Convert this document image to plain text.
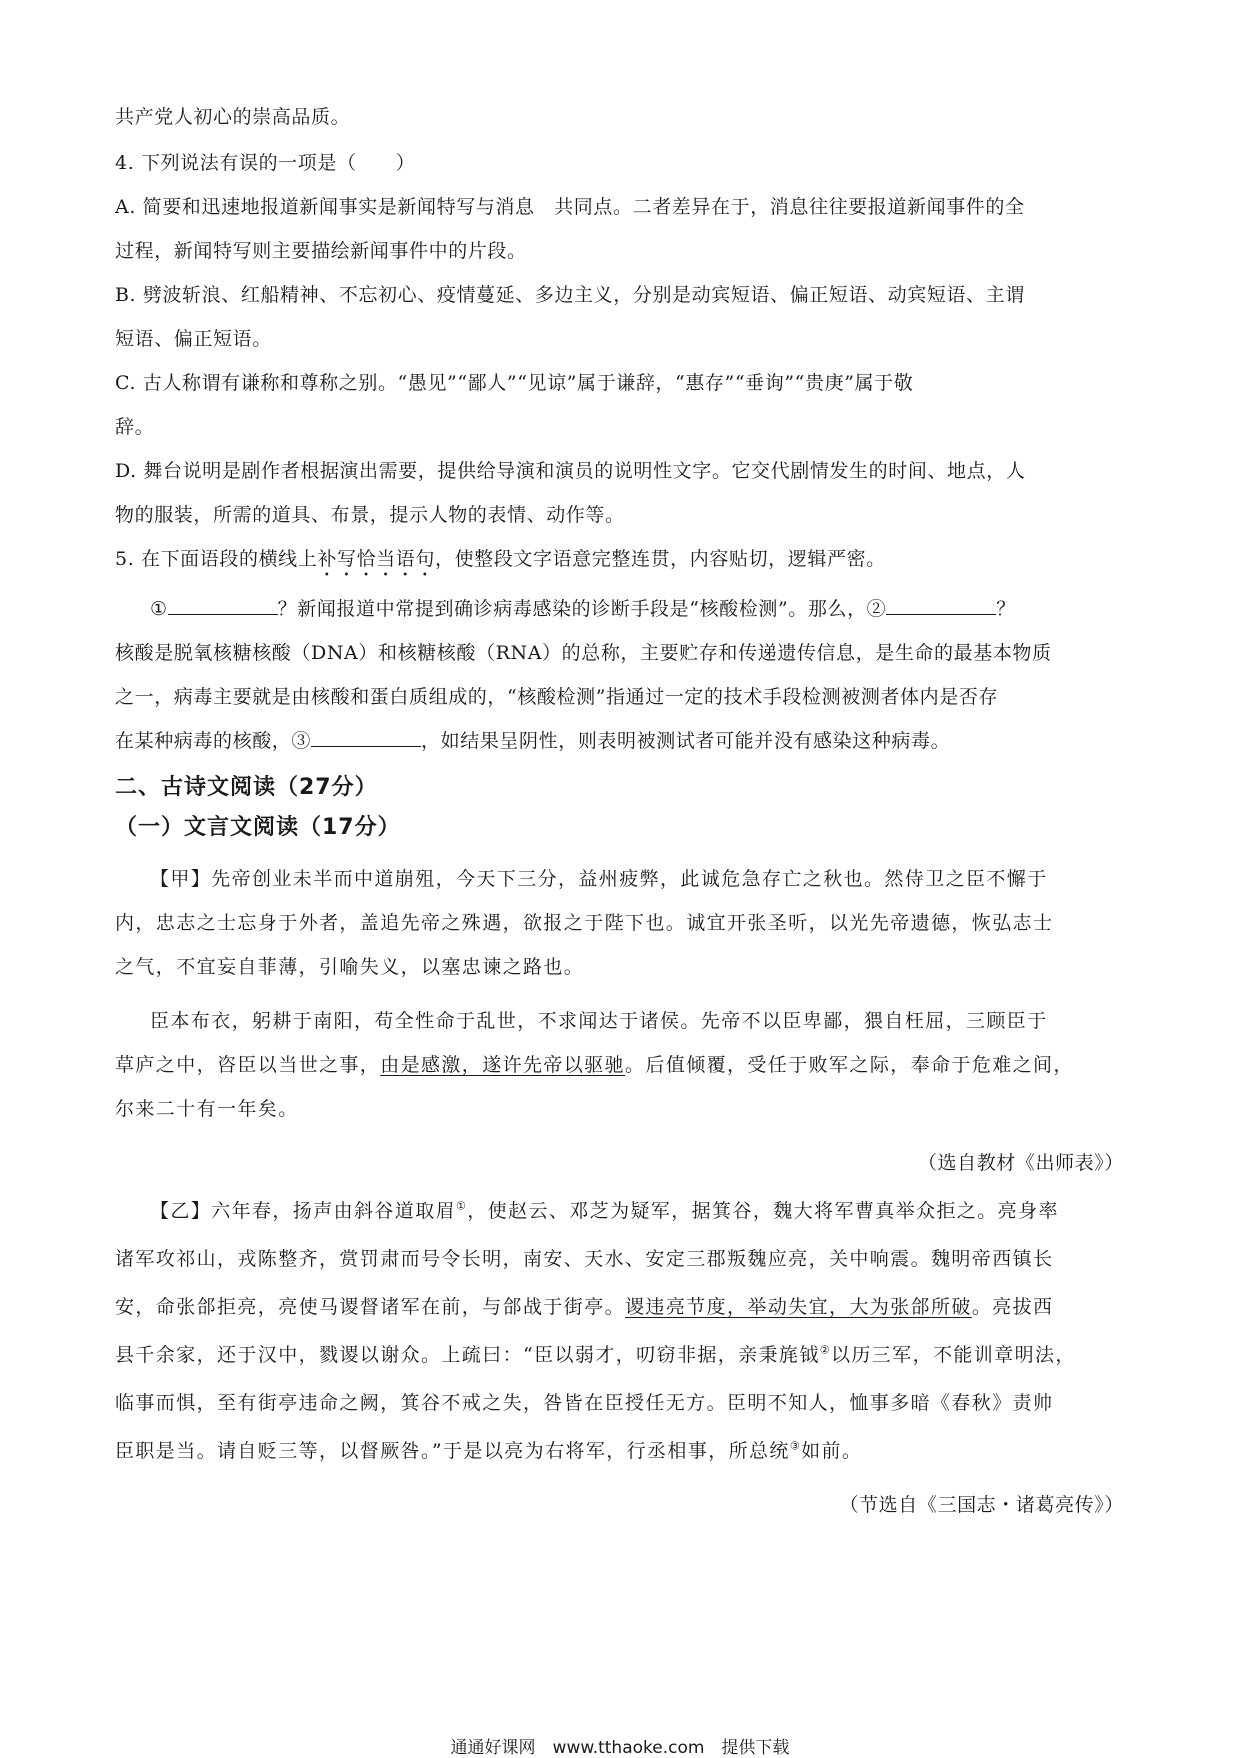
共产党人初心的崇高品质。
4. 下列说法有误的一项是（　　）
A. 简要和迅速地报道新闻事实是新闻特写与消息　共同点。二者差异在于，消息往往要报道新闻事件的全
过程，新闻特写则主要描绘新闻事件中的片段。
B. 劈波斩浪、红船精神、不忘初心、疫情蔓延、多边主义，分别是动宾短语、偏正短语、动宾短语、主谓
短语、偏正短语。
C. 古人称谓有谦称和尊称之别。“愚见”“鄙人”“见谅”属于谦辞，“惠存”“垂询”“贵庚”属于敬
辞。
D. 舞台说明是剧作者根据演出需要，提供给导演和演员的说明性文字。它交代剧情发生的时间、地点，人
物的服装，所需的道具、布景，提示人物的表情、动作等。
5. 在下面语段的横线上补写恰当语句，使整段文字语意完整连贯，内容贴切，逻辑严密。
①	？新闻报道中常提到确诊病毒感染的诊断手段是“核酸检测”。那么，②	？
核酸是脱氧核糖核酸（DNA）和核糖核酸（RNA）的总称，主要贮存和传递遗传信息，是生命的最基本物质
之一，病毒主要就是由核酸和蛋白质组成的，“核酸检测”指通过一定的技术手段检测被测者体内是否存
在某种病毒的核酸，③	，如结果呈阴性，则表明被测试者可能并没有感染这种病毒。
二、古诗文阅读（27分）
（一）文言文阅读（17分）
【甲】先帝创业未半而中道崩殂，今天下三分，益州疲弊，此诚危急存亡之秋也。然侍卫之臣不懈于
内，忠志之士忘身于外者，盖追先帝之殊遇，欲报之于陛下也。诚宜开张圣听，以光先帝遗德，恢弘志士
之气，不宜妄自菲薄，引喻失义，以塞忠谏之路也。
臣本布衣，躬耕于南阳，苟全性命于乱世，不求闻达于诸侯。先帝不以臣卑鄙，猥自枉屈，三顾臣于
草庐之中，咨臣以当世之事，由是感激，遂许先帝以驱驰。后值倾覆，受任于败军之际，奉命于危难之间，
尔来二十有一年矣。
（选自教材《出师表》）
【乙】六年春，扬声由斜谷道取眉①，使赵云、邓芝为疑军，据箕谷，魏大将军曹真举众拒之。亮身率
诸军攻祁山，戎陈整齐，赏罚肃而号令长明，南安、天水、安定三郡叛魏应亮，关中响震。魏明帝西镇长
安，命张郃拒亮，亮使马谡督诸军在前，与郃战于街亭。谡违亮节度，举动失宜，大为张郃所破。亮拔西
县千余家，还于汉中，戮谡以谢众。上疏曰：“臣以弱才，叨窃非据，亲秉旄钺②以历三军，不能训章明法，
临事而惧，至有街亭违命之阙，箕谷不戒之失，咎皆在臣授任无方。臣明不知人，恤事多暗《春秋》责帅
臣职是当。请自贬三等，以督厥咎。”于是以亮为右将军，行丞相事，所总统③如前。
（节选自《三国志・诸葛亮传》）
通通好课网　www.tthaoke.com　提供下载
